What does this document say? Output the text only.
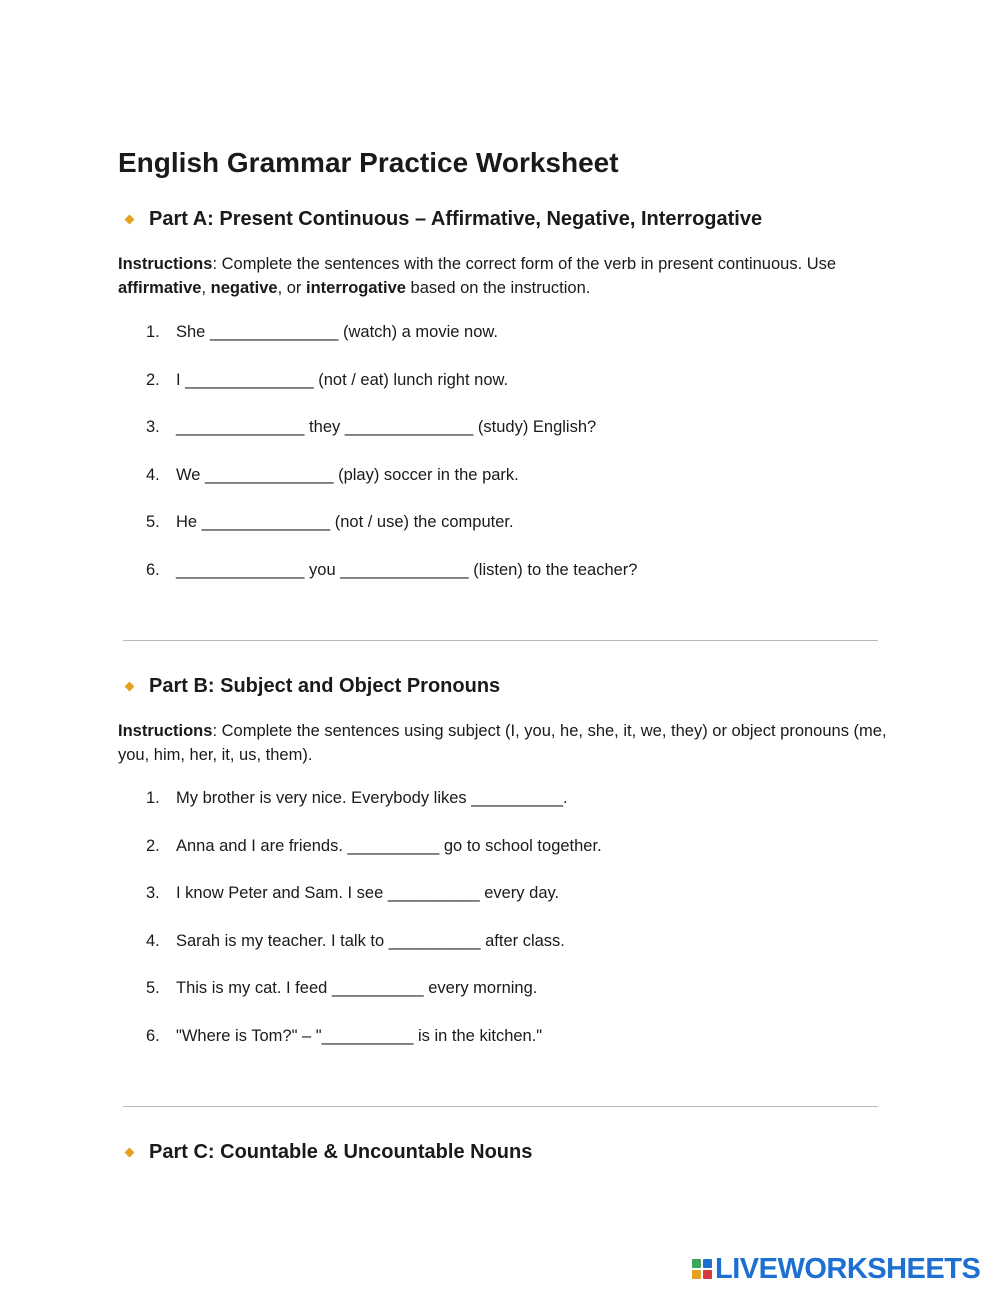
English Grammar Practice Worksheet
Part A: Present Continuous – Affirmative, Negative, Interrogative

Instructions: Complete the sentences with the correct form of the verb in present continuous. Use affirmative, negative, or interrogative based on the instruction.

1. She ______________ (watch) a movie now.
2. I ______________ (not / eat) lunch right now.
3. ______________ they ______________ (study) English?
4. We ______________ (play) soccer in the park.
5. He ______________ (not / use) the computer.
6. ______________ you ______________ (listen) to the teacher?
Part B: Subject and Object Pronouns

Instructions: Complete the sentences using subject (I, you, he, she, it, we, they) or object pronouns (me, you, him, her, it, us, them).

1. My brother is very nice. Everybody likes __________.
2. Anna and I are friends. __________ go to school together.
3. I know Peter and Sam. I see __________ every day.
4. Sarah is my teacher. I talk to __________ after class.
5. This is my cat. I feed __________ every morning.
6. "Where is Tom?" – "__________ is in the kitchen."
Part C: Countable & Uncountable Nouns
LIVEWORKSHEETS
